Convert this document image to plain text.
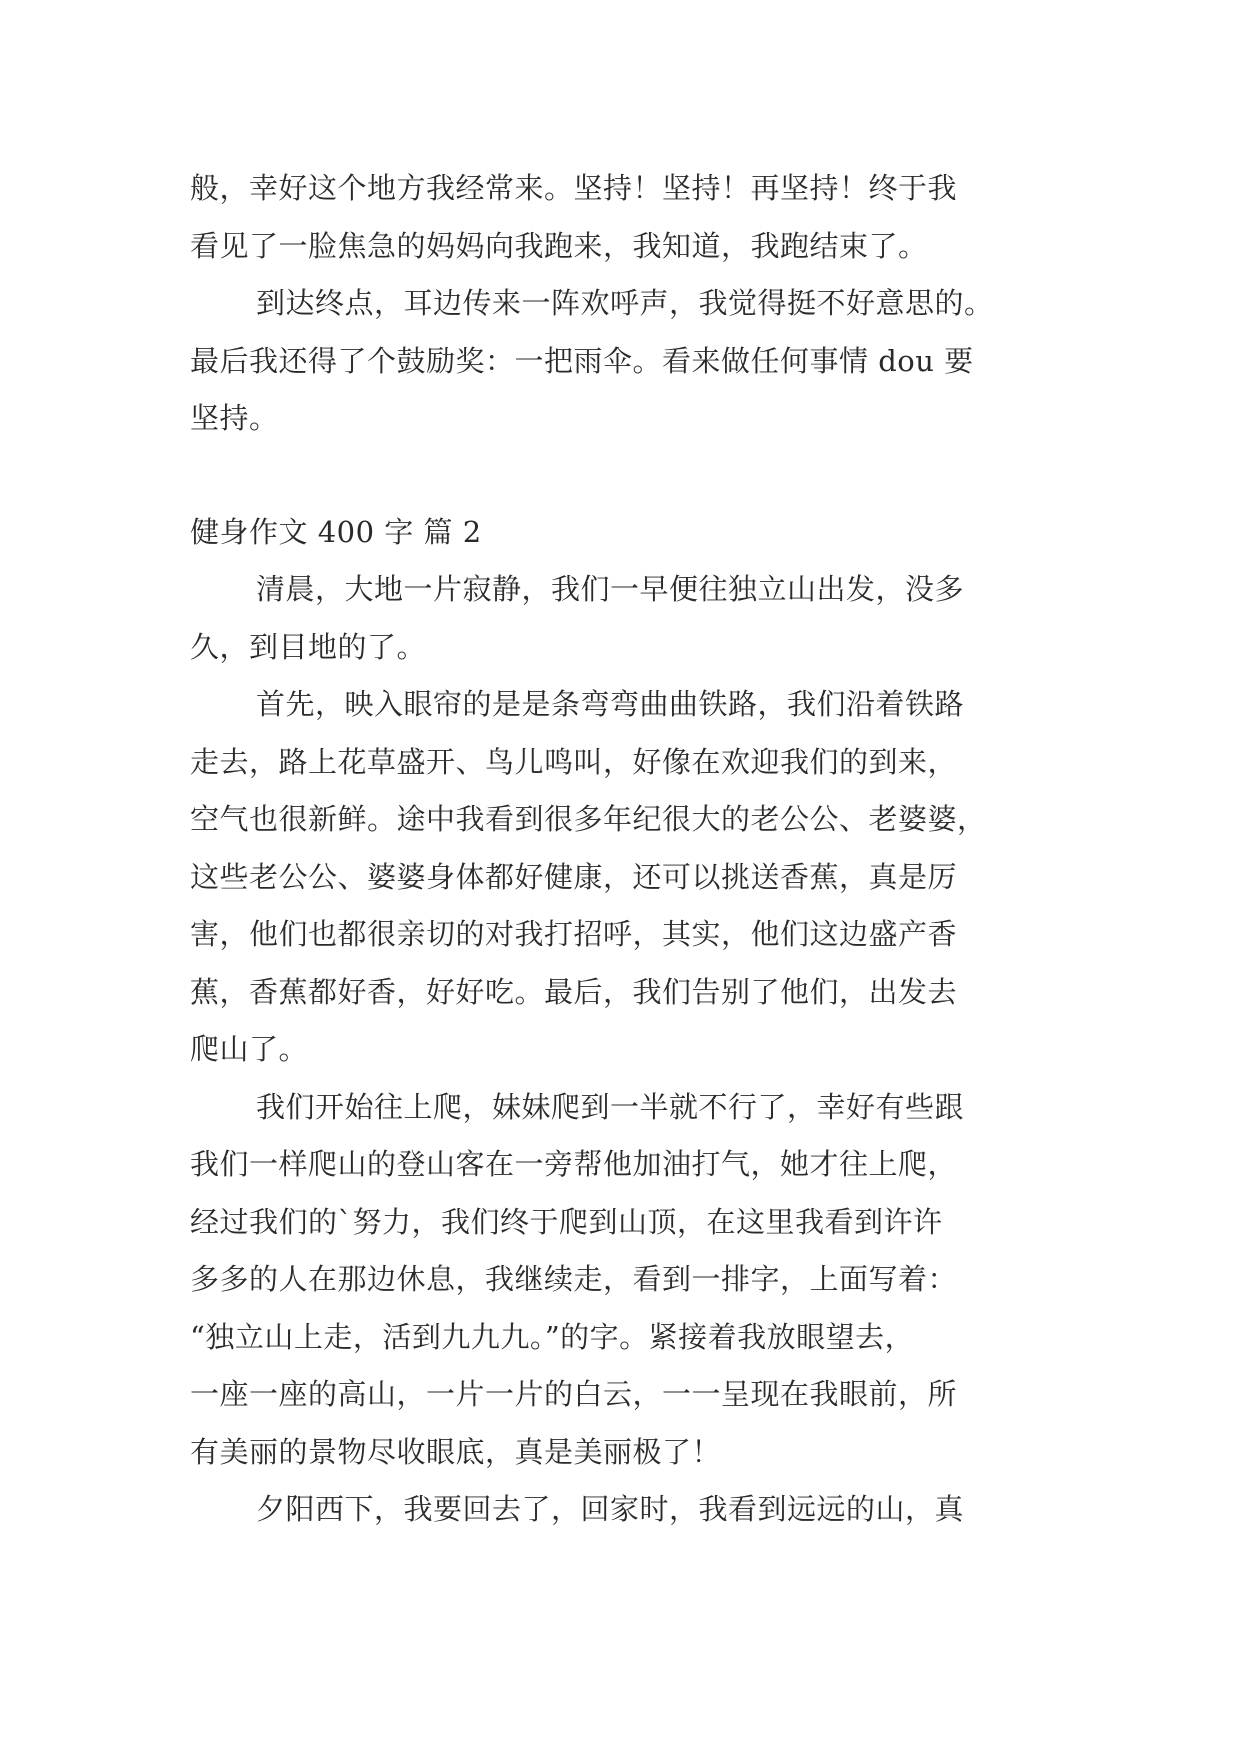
般，幸好这个地方我经常来。坚持！坚持！再坚持！终于我
看见了一脸焦急的妈妈向我跑来，我知道，我跑结束了。
到达终点，耳边传来一阵欢呼声，我觉得挺不好意思的。
最后我还得了个鼓励奖：一把雨伞。看来做任何事情 dou 要
坚持。
健身作文 400 字 篇 2
清晨，大地一片寂静，我们一早便往独立山出发，没多
久，到目地的了。
首先，映入眼帘的是是条弯弯曲曲铁路，我们沿着铁路
走去，路上花草盛开、鸟儿鸣叫，好像在欢迎我们的到来，
空气也很新鲜。途中我看到很多年纪很大的老公公、老婆婆，
这些老公公、婆婆身体都好健康，还可以挑送香蕉，真是厉
害，他们也都很亲切的对我打招呼，其实，他们这边盛产香
蕉，香蕉都好香，好好吃。最后，我们告别了他们，出发去
爬山了。
我们开始往上爬，妹妹爬到一半就不行了，幸好有些跟
我们一样爬山的登山客在一旁帮他加油打气，她才往上爬，
经过我们的`努力，我们终于爬到山顶，在这里我看到许许
多多的人在那边休息，我继续走，看到一排字，上面写着：
“独立山上走，活到九九九。”的字。紧接着我放眼望去，
一座一座的高山，一片一片的白云，一一呈现在我眼前，所
有美丽的景物尽收眼底，真是美丽极了！
夕阳西下，我要回去了，回家时，我看到远远的山，真
